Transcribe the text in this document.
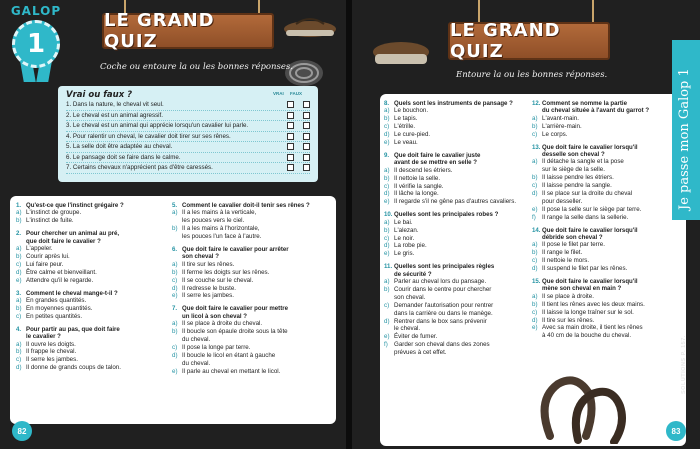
GALOP
1
LE GRAND QUIZ
Coche ou entoure la ou les bonnes réponses.
Vrai ou faux ?	VRAI FAUX
1. Dans la nature, le cheval vit seul.
2. Le cheval est un animal agressif.
3. Le cheval est un animal qui apprécie lorsqu'un cavalier lui parle.
4. Pour ralentir un cheval, le cavalier doit tirer sur ses rênes.
5. La selle doit être adaptée au cheval.
6. Le pansage doit se faire dans le calme.
7. Certains chevaux n'apprécient pas d'être caressés.
1. Qu'est-ce que l'instinct grégaire ?
a) L'instinct de groupe.
b) L'instinct de fuite.
2. Pour chercher un animal au pré,
que doit faire le cavalier ?
a) L'appeler.
b) Courir après lui.
c) Lui faire peur.
d) Être calme et bienveillant.
e) Attendre qu'il le regarde.
3. Comment le cheval mange-t-il ?
a) En grandes quantités.
b) En moyennes quantités.
c) En petites quantités.
4. Pour partir au pas, que doit faire
le cavalier ?
a) Il ouvre les doigts.
b) Il frappe le cheval.
c) Il serre les jambes.
d) Il donne de grands coups de talon.
5. Comment le cavalier doit-il tenir ses rênes ?
a) Il a les mains à la verticale,
les pouces vers le ciel.
b) Il a les mains à l'horizontale,
les pouces l'un face à l'autre.
6. Que doit faire le cavalier pour arrêter
son cheval ?
a) Il tire sur les rênes.
b) Il ferme les doigts sur les rênes.
c) Il se couche sur le cheval.
d) Il redresse le buste.
e) Il serre les jambes.
7. Que doit faire le cavalier pour mettre
un licol à son cheval ?
a) Il se place à droite du cheval.
b) Il boucle son épaule droite sous la tête
du cheval.
c) Il pose la longe par terre.
d) Il boucle le licol en étant à gauche
du cheval.
e) Il parle au cheval en mettant le licol.
82
LE GRAND QUIZ
Entoure la ou les bonnes réponses.
8. Quels sont les instruments de pansage ?
a) Le bouchon.
b) Le tapis.
c) L'étrille.
d) Le cure-pied.
e) Le veau.
9. Que doit faire le cavalier juste
avant de se mettre en selle ?
a) Il descend les étriers.
b) Il nettoie la selle.
c) Il vérifie la sangle.
d) Il lâche la longe.
e) Il regarde s'il ne gêne pas d'autres cavaliers.
10. Quelles sont les principales robes ?
a) Le bai.
b) L'alezan.
c) Le noir.
d) La robe pie.
e) Le gris.
11. Quelles sont les principales règles
de sécurité ?
a) Parler au cheval lors du pansage.
b) Courir dans le centre pour chercher
son cheval.
c) Demander l'autorisation pour rentrer
dans la carrière ou dans le manège.
d) Rentrer dans le box sans prévenir
le cheval.
e) Éviter de fumer.
f)	Garder son cheval dans des zones
prévues à cet effet.
12. Comment se nomme la partie
du cheval située à l'avant du garrot ?
a) L'avant-main.
b) L'arrière-main.
c) Le corps.
13. Que doit faire le cavalier lorsqu'il
desselle son cheval ?
a) Il détache la sangle et la pose
sur le siège de la selle.
b) Il laisse pendre les étriers.
c) Il laisse pendre la sangle.
d) Il se place sur la droite du cheval
pour desseller.
e) Il pose la selle sur le siège par terre.
f)	Il range la selle dans la sellerie.
14. Que doit faire le cavalier lorsqu'il
débride son cheval ?
a) Il pose le filet par terre.
b) Il range le filet.
c) Il nettoie le mors.
d) Il suspend le filet par les rênes.
15. Que doit faire le cavalier lorsqu'il
mène son cheval en main ?
a) Il se place à droite.
b) Il tient les rênes avec les deux mains.
c) Il laisse la longe traîner sur le sol.
d) Il tire sur les rênes.
e) Avec sa main droite, il tient les rênes
à 40 cm de la bouche du cheval.
Je passe mon Galop 1
SOLUTIONS P. 157.
83
